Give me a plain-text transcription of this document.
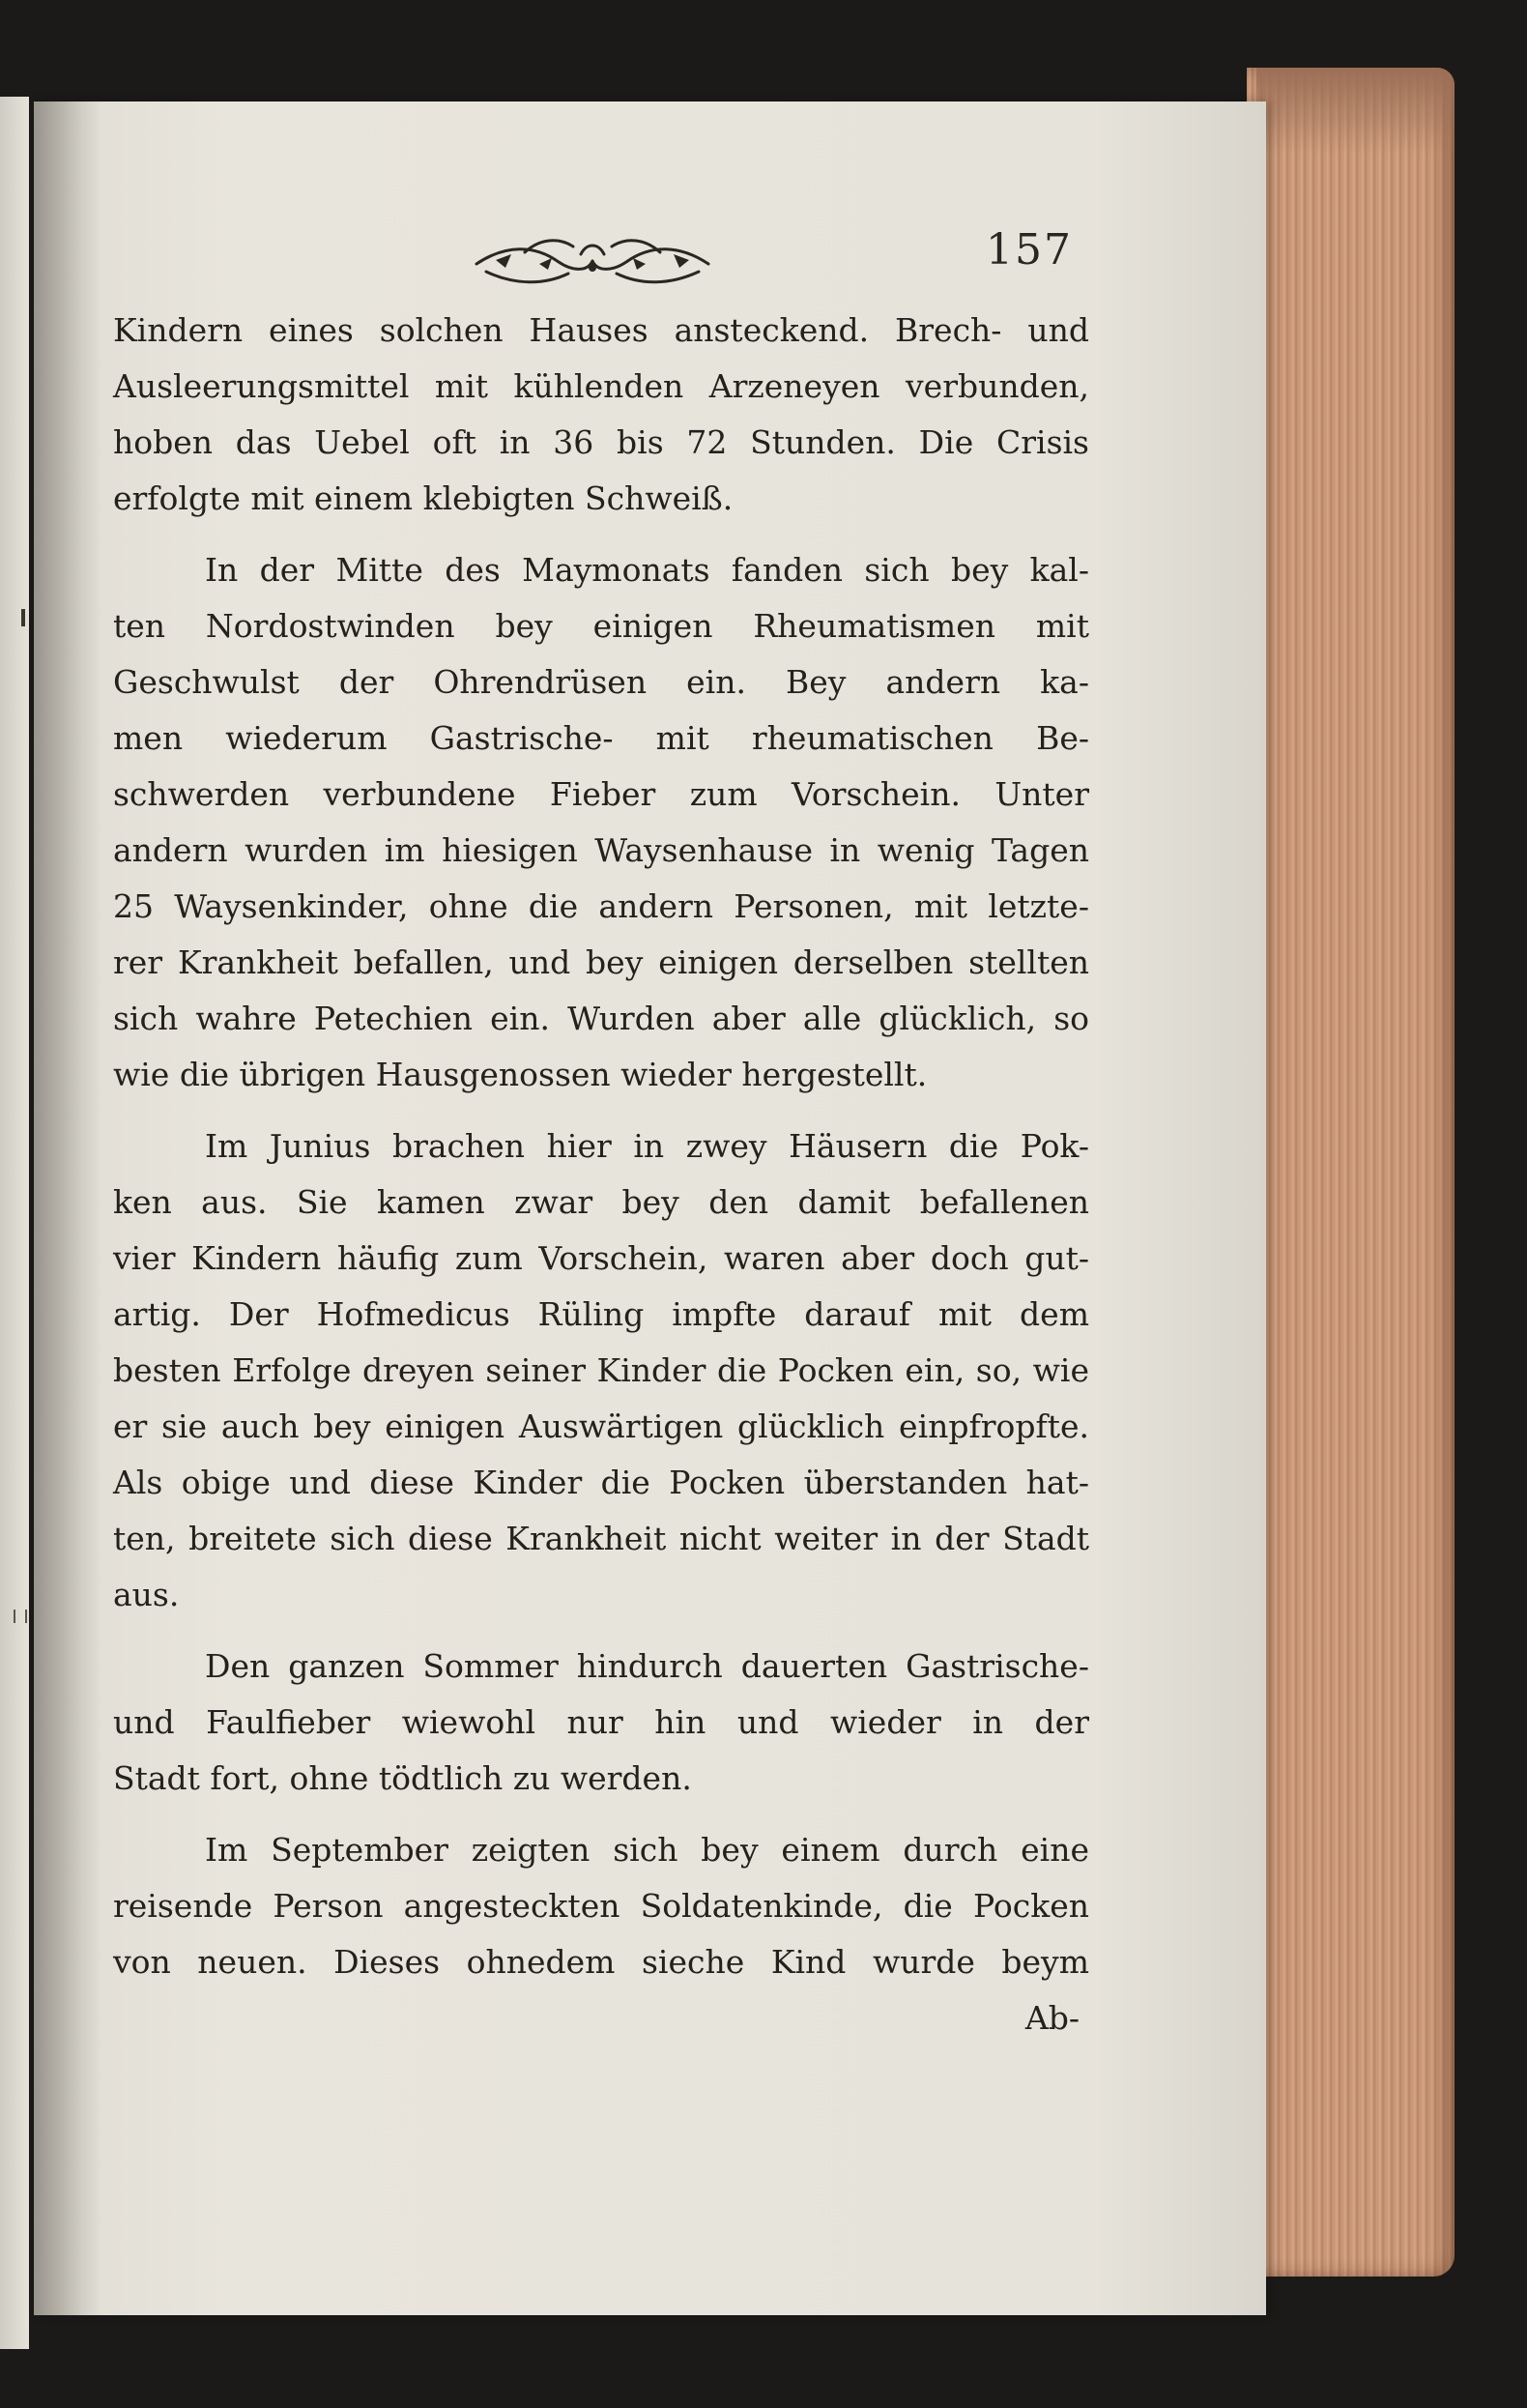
157
Kindern eines solchen Hauses ansteckend. Brech- und
Ausleerungsmittel mit kühlenden Arzeneyen verbunden,
hoben das Uebel oft in 36 bis 72 Stunden. Die Crisis
erfolgte mit einem klebigten Schweiß.
In der Mitte des Maymonats fanden sich bey kal-
ten Nordostwinden bey einigen Rheumatismen mit
Geschwulst der Ohrendrüsen ein. Bey andern ka-
men wiederum Gastrische- mit rheumatischen Be-
schwerden verbundene Fieber zum Vorschein. Unter
andern wurden im hiesigen Waysenhause in wenig Tagen
25 Waysenkinder, ohne die andern Personen, mit letzte-
rer Krankheit befallen, und bey einigen derselben stellten
sich wahre Petechien ein. Wurden aber alle glücklich, so
wie die übrigen Hausgenossen wieder hergestellt.
Im Junius brachen hier in zwey Häusern die Pok-
ken aus. Sie kamen zwar bey den damit befallenen
vier Kindern häufig zum Vorschein, waren aber doch gut-
artig. Der Hofmedicus Rüling impfte darauf mit dem
besten Erfolge dreyen seiner Kinder die Pocken ein, so, wie
er sie auch bey einigen Auswärtigen glücklich einpfropfte.
Als obige und diese Kinder die Pocken überstanden hat-
ten, breitete sich diese Krankheit nicht weiter in der Stadt
aus.
Den ganzen Sommer hindurch dauerten Gastrische-
und Faulfieber wiewohl nur hin und wieder in der
Stadt fort, ohne tödtlich zu werden.
Im September zeigten sich bey einem durch eine
reisende Person angesteckten Soldatenkinde, die Pocken
von neuen. Dieses ohnedem sieche Kind wurde beym
Ab-
